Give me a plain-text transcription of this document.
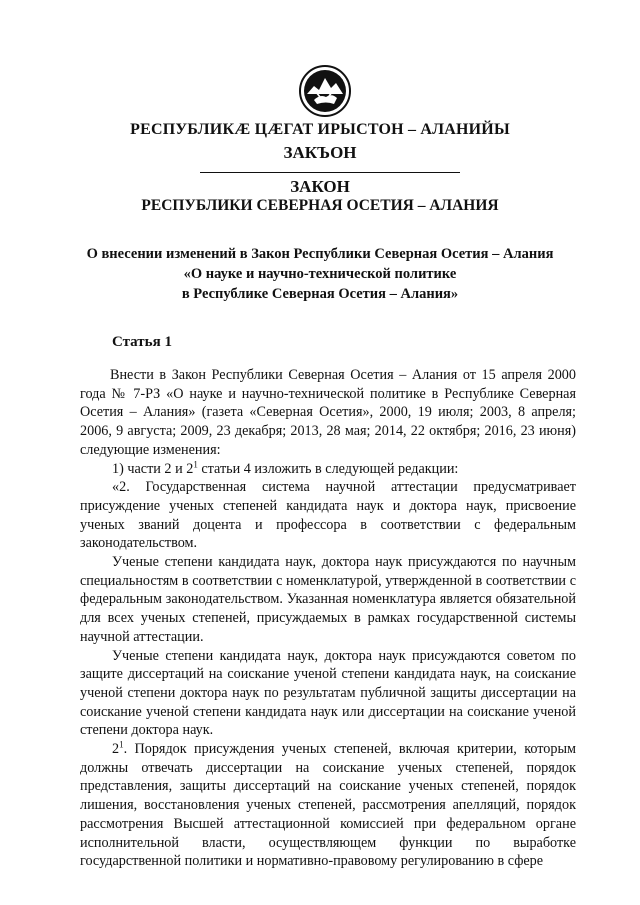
РЕСПУБЛИКÆ ЦÆГАТ ИРЫСТОН – АЛАНИЙЫ
ЗАКЪОН
ЗАКОН
РЕСПУБЛИКИ СЕВЕРНАЯ ОСЕТИЯ – АЛАНИЯ
О внесении изменений в Закон Республики Северная Осетия – Алания
«О науке и научно-технической политике
в Республике Северная Осетия – Алания»
Статья 1

Внести в Закон Республики Северная Осетия – Алания от 15 апреля 2000 года № 7-РЗ «О науке и научно-технической политике в Республике Северная Осетия – Алания» (газета «Северная Осетия», 2000, 19 июля; 2003, 8 апреля; 2006, 9 августа; 2009, 23 декабря; 2013, 28 мая; 2014, 22 октября; 2016, 23 июня) следующие изменения:

1) части 2 и $2^1$ статьи 4 изложить в следующей редакции:

«2. Государственная система научной аттестации предусматривает присуждение ученых степеней кандидата наук и доктора наук, присвоение ученых званий доцента и профессора в соответствии с федеральным законодательством.

Ученые степени кандидата наук, доктора наук присуждаются по научным специальностям в соответствии с номенклатурой, утвержденной в соответствии с федеральным законодательством. Указанная номенклатура является обязательной для всех ученых степеней, присуждаемых в рамках государственной системы научной аттестации.

Ученые степени кандидата наук, доктора наук присуждаются советом по защите диссертаций на соискание ученой степени кандидата наук, на соискание ученой степени доктора наук по результатам публичной защиты диссертации на соискание ученой степени кандидата наук или диссертации на соискание ученой степени доктора наук.

$2^1$. Порядок присуждения ученых степеней, включая критерии, которым должны отвечать диссертации на соискание ученых степеней, порядок представления, защиты диссертаций на соискание ученых степеней, порядок лишения, восстановления ученых степеней, рассмотрения апелляций, порядок рассмотрения Высшей аттестационной комиссией при федеральном органе исполнительной власти, осуществляющем функции по выработке государственной политики и нормативно-правовому регулированию в сфере
